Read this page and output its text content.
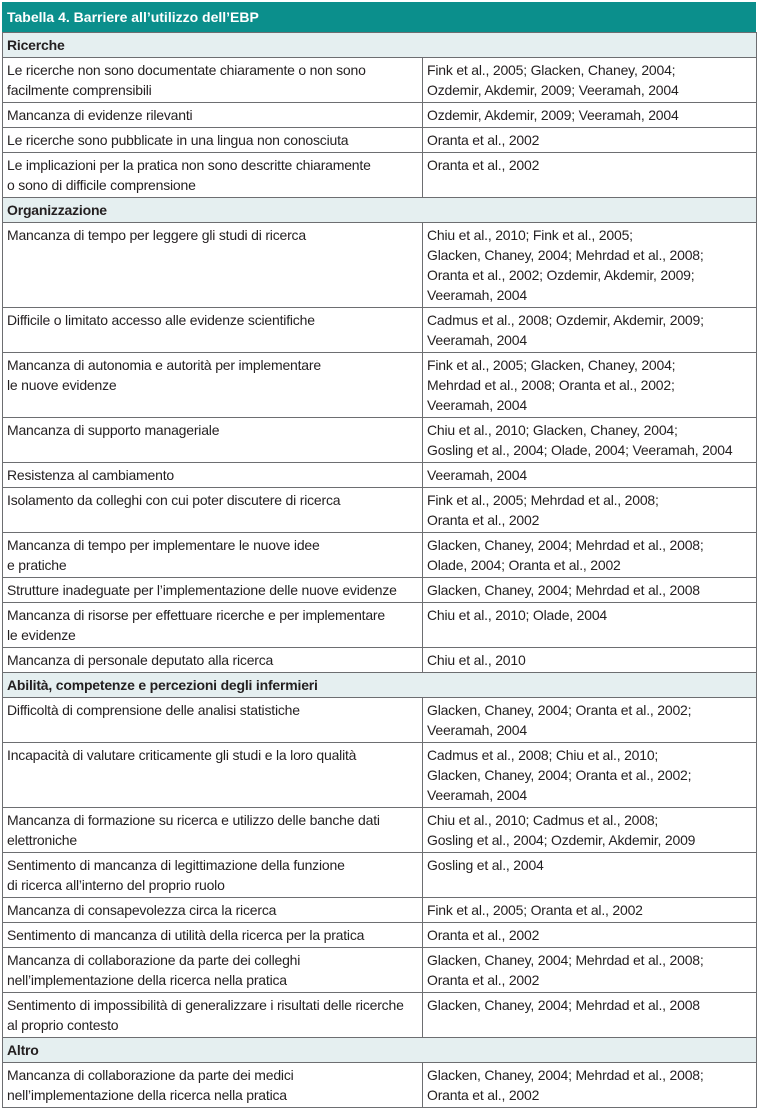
Tabella 4. Barriere all’utilizzo dell’EBP
Ricerche	

Le ricerche non sono documentate chiaramente o non sono
facilmente comprensibili	Fink et al., 2005; Glacken, Chaney, 2004;
Ozdemir, Akdemir, 2009; Veeramah, 2004

Mancanza di evidenze rilevanti	Ozdemir, Akdemir, 2009; Veeramah, 2004

Le ricerche sono pubblicate in una lingua non conosciuta	Oranta et al., 2002

Le implicazioni per la pratica non sono descritte chiaramente
o sono di difficile comprensione	Oranta et al., 2002

Organizzazione	

Mancanza di tempo per leggere gli studi di ricerca	Chiu et al., 2010; Fink et al., 2005;
Glacken, Chaney, 2004; Mehrdad et al., 2008;
Oranta et al., 2002; Ozdemir, Akdemir, 2009;
Veeramah, 2004

Difficile o limitato accesso alle evidenze scientifiche	Cadmus et al., 2008; Ozdemir, Akdemir, 2009;
Veeramah, 2004

Mancanza di autonomia e autorità per implementare
le nuove evidenze	Fink et al., 2005; Glacken, Chaney, 2004;
Mehrdad et al., 2008; Oranta et al., 2002;
Veeramah, 2004

Mancanza di supporto manageriale	Chiu et al., 2010; Glacken, Chaney, 2004;
Gosling et al., 2004; Olade, 2004; Veeramah, 2004

Resistenza al cambiamento	Veeramah, 2004

Isolamento da colleghi con cui poter discutere di ricerca	Fink et al., 2005; Mehrdad et al., 2008;
Oranta et al., 2002

Mancanza di tempo per implementare le nuove idee
e pratiche	Glacken, Chaney, 2004; Mehrdad et al., 2008;
Olade, 2004; Oranta et al., 2002

Strutture inadeguate per l’implementazione delle nuove evidenze	Glacken, Chaney, 2004; Mehrdad et al., 2008

Mancanza di risorse per effettuare ricerche e per implementare
le evidenze	Chiu et al., 2010; Olade, 2004

Mancanza di personale deputato alla ricerca	Chiu et al., 2010

Abilità, competenze e percezioni degli infermieri	

Difficoltà di comprensione delle analisi statistiche	Glacken, Chaney, 2004; Oranta et al., 2002;
Veeramah, 2004

Incapacità di valutare criticamente gli studi e la loro qualità	Cadmus et al., 2008; Chiu et al., 2010;
Glacken, Chaney, 2004; Oranta et al., 2002;
Veeramah, 2004

Mancanza di formazione su ricerca e utilizzo delle banche dati
elettroniche	Chiu et al., 2010; Cadmus et al., 2008;
Gosling et al., 2004; Ozdemir, Akdemir, 2009

Sentimento di mancanza di legittimazione della funzione
di ricerca all’interno del proprio ruolo	Gosling et al., 2004

Mancanza di consapevolezza circa la ricerca	Fink et al., 2005; Oranta et al., 2002

Sentimento di mancanza di utilità della ricerca per la pratica	Oranta et al., 2002

Mancanza di collaborazione da parte dei colleghi
nell’implementazione della ricerca nella pratica	Glacken, Chaney, 2004; Mehrdad et al., 2008;
Oranta et al., 2002

Sentimento di impossibilità di generalizzare i risultati delle ricerche
al proprio contesto	Glacken, Chaney, 2004; Mehrdad et al., 2008

Altro	

Mancanza di collaborazione da parte dei medici
nell’implementazione della ricerca nella pratica	Glacken, Chaney, 2004; Mehrdad et al., 2008;
Oranta et al., 2002
